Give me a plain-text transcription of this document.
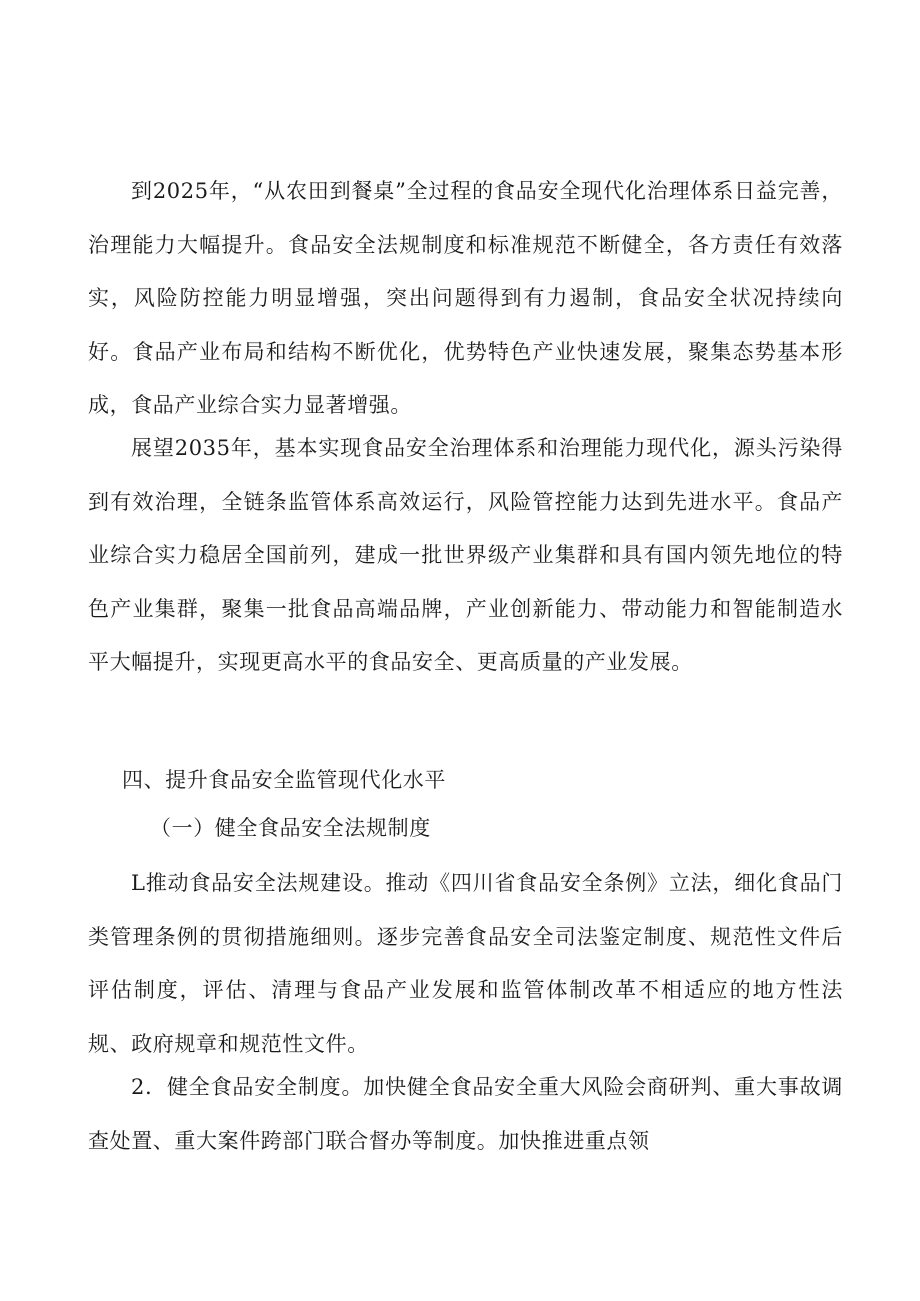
到2025年，“从农田到餐桌”全过程的食品安全现代化治理体系日益完善，治理能力大幅提升。食品安全法规制度和标准规范不断健全，各方责任有效落实，风险防控能力明显增强，突出问题得到有力遏制，食品安全状况持续向好。食品产业布局和结构不断优化，优势特色产业快速发展，聚集态势基本形成，食品产业综合实力显著增强。

展望2035年，基本实现食品安全治理体系和治理能力现代化，源头污染得到有效治理，全链条监管体系高效运行，风险管控能力达到先进水平。食品产业综合实力稳居全国前列，建成一批世界级产业集群和具有国内领先地位的特色产业集群，聚集一批食品高端品牌，产业创新能力、带动能力和智能制造水平大幅提升，实现更高水平的食品安全、更高质量的产业发展。

四、提升食品安全监管现代化水平
（一）健全食品安全法规制度

L推动食品安全法规建设。推动《四川省食品安全条例》立法，细化食品门类管理条例的贯彻措施细则。逐步完善食品安全司法鉴定制度、规范性文件后评估制度，评估、清理与食品产业发展和监管体制改革不相适应的地方性法规、政府规章和规范性文件。

2．健全食品安全制度。加快健全食品安全重大风险会商研判、重大事故调查处置、重大案件跨部门联合督办等制度。加快推进重点领
